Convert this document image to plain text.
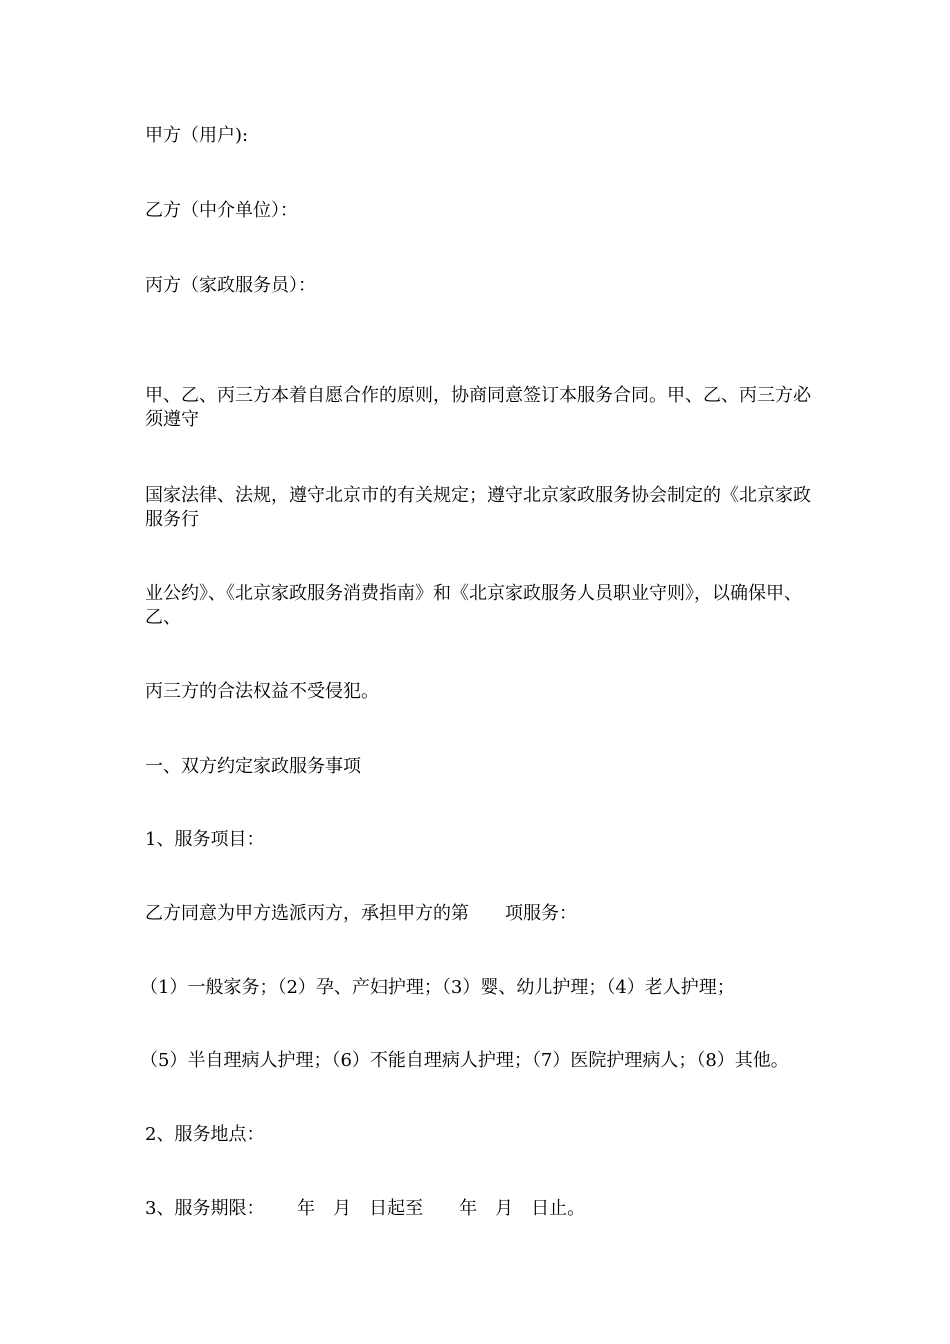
甲方（用户):
乙方（中介单位）：
丙方（家政服务员）：
甲、乙、丙三方本着自愿合作的原则，协商同意签订本服务合同。甲、乙、丙三方必须遵守
国家法律、法规，遵守北京市的有关规定；遵守北京家政服务协会制定的《北京家政服务行
业公约》、《北京家政服务消费指南》和《北京家政服务人员职业守则》，以确保甲、乙、
丙三方的合法权益不受侵犯。
一、双方约定家政服务事项
1、服务项目：
乙方同意为甲方选派丙方，承担甲方的第　　项服务：
（1）一般家务；（2）孕、产妇护理；（3）婴、幼儿护理；（4）老人护理；
（5）半自理病人护理；（6）不能自理病人护理；（7）医院护理病人；（8）其他。
2、服务地点：
3、服务期限：　　 年　月　日起至　　年　月　日止。
